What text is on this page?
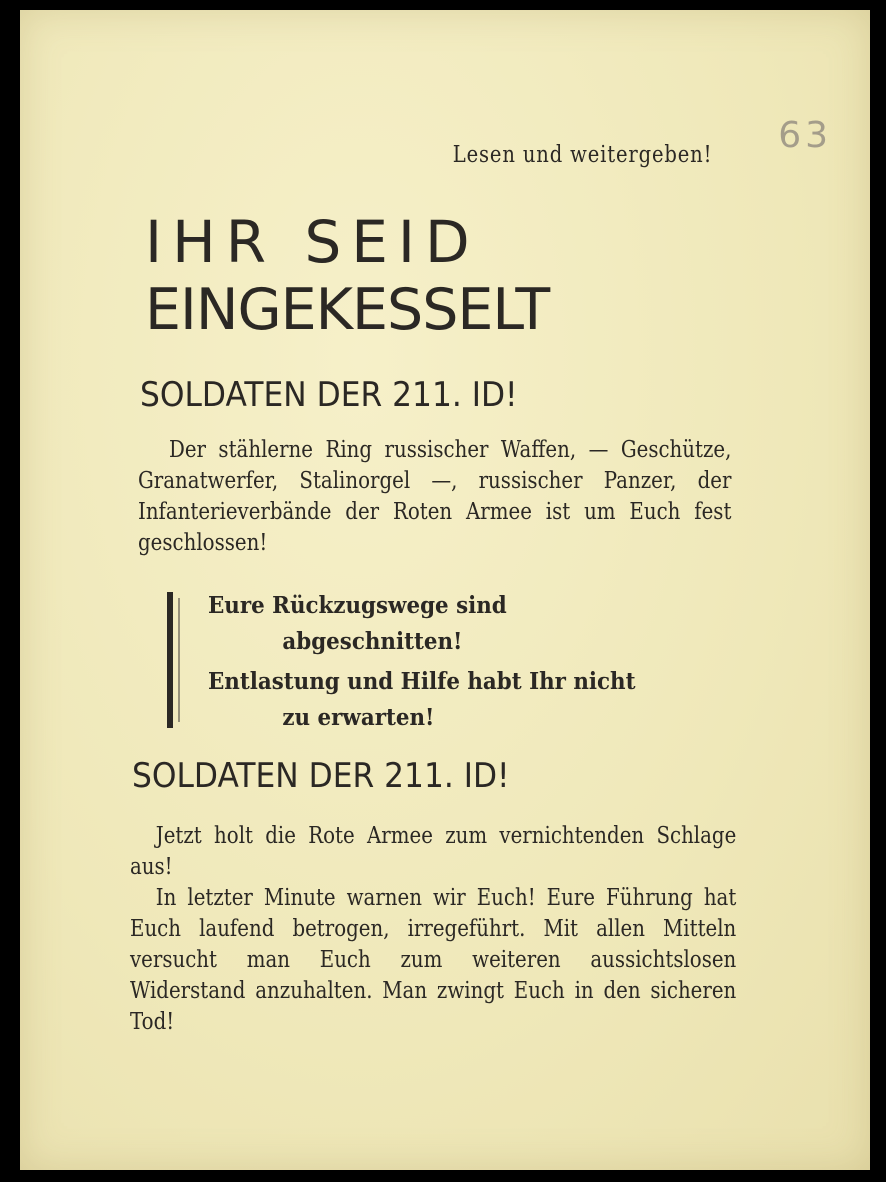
63
Lesen und weitergeben!
IHR SEID
EINGEKESSELT
SOLDATEN DER 211. ID!

Der stählerne Ring russischer Waffen, — Geschütze, Granatwerfer, Stalinorgel —, russischer Panzer, der Infanterieverbände der Roten Armee ist um Euch fest geschlossen!

Eure Rückzugswege sind
abgeschnitten!
Entlastung und Hilfe habt Ihr nicht
zu erwarten!
SOLDATEN DER 211. ID!

Jetzt holt die Rote Armee zum vernichtenden Schlage aus!

In letzter Minute warnen wir Euch! Eure Führung hat Euch laufend betrogen, irregeführt. Mit allen Mitteln versucht man Euch zum weiteren aussichtslosen Widerstand anzuhalten. Man zwingt Euch in den sicheren Tod!
